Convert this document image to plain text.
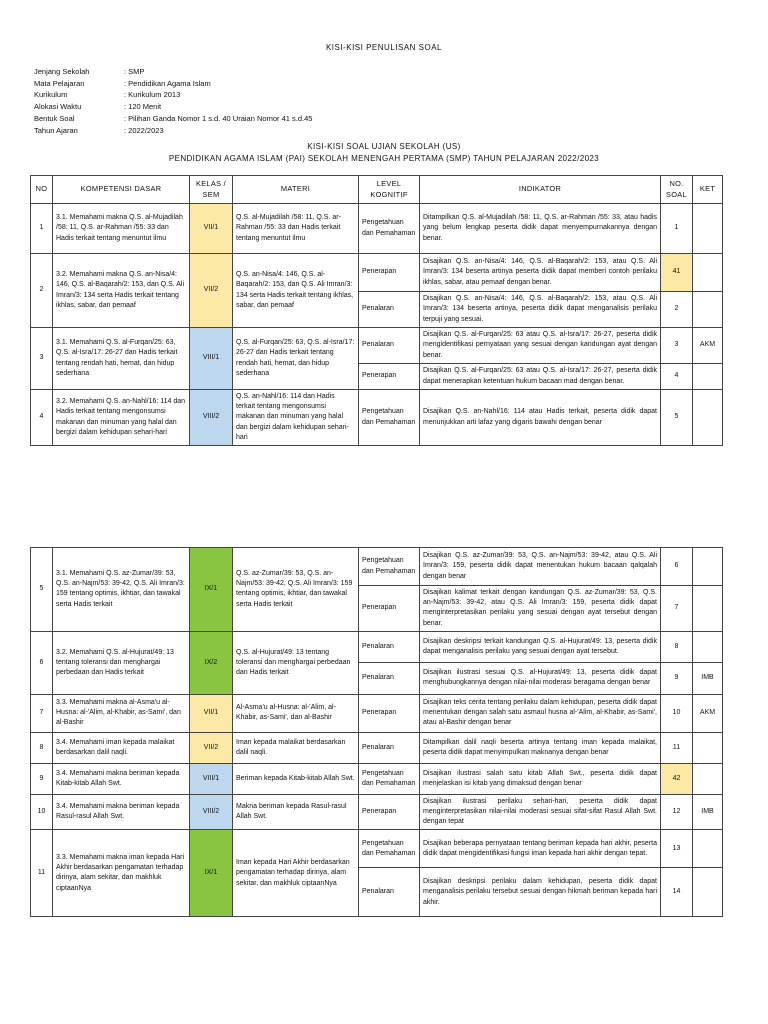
KISI-KISI PENULISAN SOAL
Jenjang Sekolah	: SMP
Mata Pelajaran	: Pendidikan Agama Islam
Kurikulum	: Kurikulum 2013
Alokasi Waktu	: 120 Menit
Bentuk Soal	: Pilihan Ganda Nomor 1 s.d. 40 Uraian Nomor 41 s.d.45
Tahun Ajaran	: 2022/2023
KISI-KISI SOAL UJIAN SEKOLAH (US)
PENDIDIKAN AGAMA ISLAM (PAI) SEKOLAH MENENGAH PERTAMA (SMP) TAHUN PELAJARAN 2022/2023
NO	KOMPETENSI DASAR	KELAS / SEM	MATERI	LEVEL KOGNITIF	INDIKATOR	NO. SOAL	KET
1	3.1. Memahami makna Q.S. al-Mujadilah /58: 11, Q.S. ar-Rahman /55: 33 dan Hadis terkait tentang menuntut ilmu	VII/1	Q.S. al-Mujadilah /58: 11, Q.S. ar-Rahman /55: 33 dan Hadis terkait tentang menuntut ilmu	Pengetahuan dan Pemahaman	Ditampilkan Q.S. al-Mujadilah /58: 11, Q.S. ar-Rahman /55: 33, atau hadis yang belum lengkap peserta didik dapat menyempurnakannya dengan benar.	1	
2	3.2. Memahami makna Q.S. an-Nisa/4: 146, Q.S. al-Baqarah/2: 153, dan Q.S. Ali Imran/3: 134 serta Hadis terkait tentang ikhlas, sabar, dan pemaaf	VII/2	Q.S. an-Nisa/4: 146, Q.S. al-Baqarah/2: 153, dan Q.S. Ali Imran/3: 134 serta Hadis terkait tentang ikhlas, sabar, dan pemaaf	Penerapan	Disajikan Q.S. an-Nisa/4: 146, Q.S. al-Baqarah/2: 153, atau Q.S. Ali Imran/3: 134 beserta artinya peserta didik dapat memberi contoh perilaku ikhlas, sabar, atau pemaaf dengan benar.	41	
				Penalaran	Disajikan Q.S. an-Nisa/4: 146, Q.S. al-Baqarah/2: 153, atau Q.S. Ali Imran/3: 134 beserta artinya, peserta didik dapat menganalisis perilaku terpuji yang sesuai.	2	
3	3.1. Memahami Q.S. al-Furqan/25: 63, Q.S. al-Isra/17: 26-27 dan Hadis terkait tentang rendah hati, hemat, dan hidup sederhana	VIII/1	Q.S. al-Furqan/25: 63, Q.S. al-Isra/17: 26-27 dan Hadis terkait tentang rendah hati, hemat, dan hidup sederhana	Penalaran	Disajikan Q.S. al-Furqan/25: 63 atau Q.S. al-Isra/17: 26-27, peserta didik mengidentifikasi pernyataan yang sesuai dengan kandungan ayat dengan benar.	3	AKM
				Penerapan	Disajikan Q.S. al-Furqan/25: 63 atau Q.S. al-Isra/17: 26-27, peserta didik dapat menerapkan ketentuan hukum bacaan mad dengan benar.	4	
4	3.2. Memahami Q.S. an-Nahl/16: 114 dan Hadis terkait tentang mengonsumsi makanan dan minuman yang halal dan bergizi dalam kehidupan sehari-hari	VIII/2	Q.S. an-Nahl/16: 114 dan Hadis terkait tentang mengonsumsi makanan dan minuman yang halal dan bergizi dalam kehidupan sehari-hari	Pengetahuan dan Pemahaman	Disajikan Q.S. an-Nahl/16: 114 atau Hadis terkait, peserta didik dapat menunjukkan arti lafaz yang digaris bawahi dengan benar	5	
5	3.1. Memahami Q.S. az-Zumar/39: 53, Q.S. an-Najm/53: 39-42, Q.S. Ali Imran/3: 159 tentang optimis, ikhtiar, dan tawakal serta Hadis terkait	IX/1	Q.S. az-Zumar/39: 53, Q.S. an-Najm/53: 39-42, Q.S. Ali Imran/3: 159 tentang optimis, ikhtiar, dan tawakal serta Hadis terkait	Pengetahuan dan Pemahaman	Disajikan Q.S. az-Zumar/39: 53, Q.S. an-Najm/53: 39-42, atau Q.S. Ali Imran/3: 159, peserta didik dapat menentukan hukum bacaan qalqalah dengan benar	6	
				Penerapan	Disajikan kalimat terkait dengan kandungan Q.S. az-Zumar/39: 53, Q.S. an-Najm/53: 39-42, atau Q.S. Ali Imran/3: 159, peserta didik dapat menginterpretasikan perilaku yang sesuai dengan ayat tersebut dengan benar.	7	
6	3.2. Memahami Q.S. al-Hujurat/49: 13 tentang toleransi dan menghargai perbedaan dan Hadis terkait	IX/2	Q.S. al-Hujurat/49: 13 tentang toleransi dan menghargai perbedaan dan Hadis terkait	Penalaran	Disajikan deskripsi terkait kandungan Q.S. al-Hujurat/49: 13, peserta didik dapat menganalisis perilaku yang sesuai dengan ayat tersebut.	8	
				Penalaran	Disajikan ilustrasi sesuai Q.S. al-Hujurat/49: 13, peserta didik dapat menghubungkannya dengan nilai-nilai moderasi beragama dengan benar	9	IMB
7	3.3. Memahami makna al-Asma'u al-Husna: al-'Alim, al-Khabir, as-Sami', dan al-Bashir	VII/1	Al-Asma'u al-Husna: al-'Alim, al-Khabir, as-Sami', dan al-Bashir	Penerapan	Disajikan teks cerita tentang perilaku dalam kehidupan, peserta didik dapat menentukan dengan salah satu asmaul husna al-'Alim, al-Khabir, as-Sami', atau al-Bashir dengan benar	10	AKM
8	3.4. Memahami iman kepada malaikat berdasarkan dalil naqli.	VII/2	Iman kepada malaikat berdasarkan dalil naqli.	Penalaran	Ditampilkan dalil naqli beserta artinya tentang iman kepada malaikat, peserta didik dapat menyimpulkan maknanya dengan benar	11	
9	3.4. Memahami makna beriman kepada Kitab-kitab Allah Swt.	VIII/1	Beriman kepada Kitab-kitab Allah Swt.	Pengetahuan dan Pemahaman	Disajikan ilustrasi salah satu kitab Allah Swt., peserta didik dapat menjelaskan isi kitab yang dimaksud dengan benar	42	
10	3.4. Memahami makna beriman kepada Rasul-rasul Allah Swt.	VIII/2	Makna beriman kepada Rasul-rasul Allah Swt.	Penerapan	Disajikan ilustrasi perilaku sehari-hari, peserta didik dapat menginterpretasikan nilai-nilai moderasi sesuai sifat-sifat Rasul Allah Swt. dengan tepat	12	IMB
11	3.3. Memahami makna iman kepada Hari Akhir berdasarkan pengamatan terhadap dirinya, alam sekitar, dan makhluk ciptaanNya	IX/1	Iman kepada Hari Akhir berdasarkan pengamatan terhadap dirinya, alam sekitar, dan makhluk ciptaanNya	Pengetahuan dan Pemahaman	Disajikan beberapa pernyataan tentang beriman kepada hari akhir, peserta didik dapat mengidentifikasi fungsi iman kepada hari akhir dengan tepat.	13	
				Penalaran	Disajikan deskripsi perilaku dalam kehidupan, peserta didik dapat menganalisis perilaku tersebut sesuai dengan hikmah beriman kepada hari akhir.	14	
